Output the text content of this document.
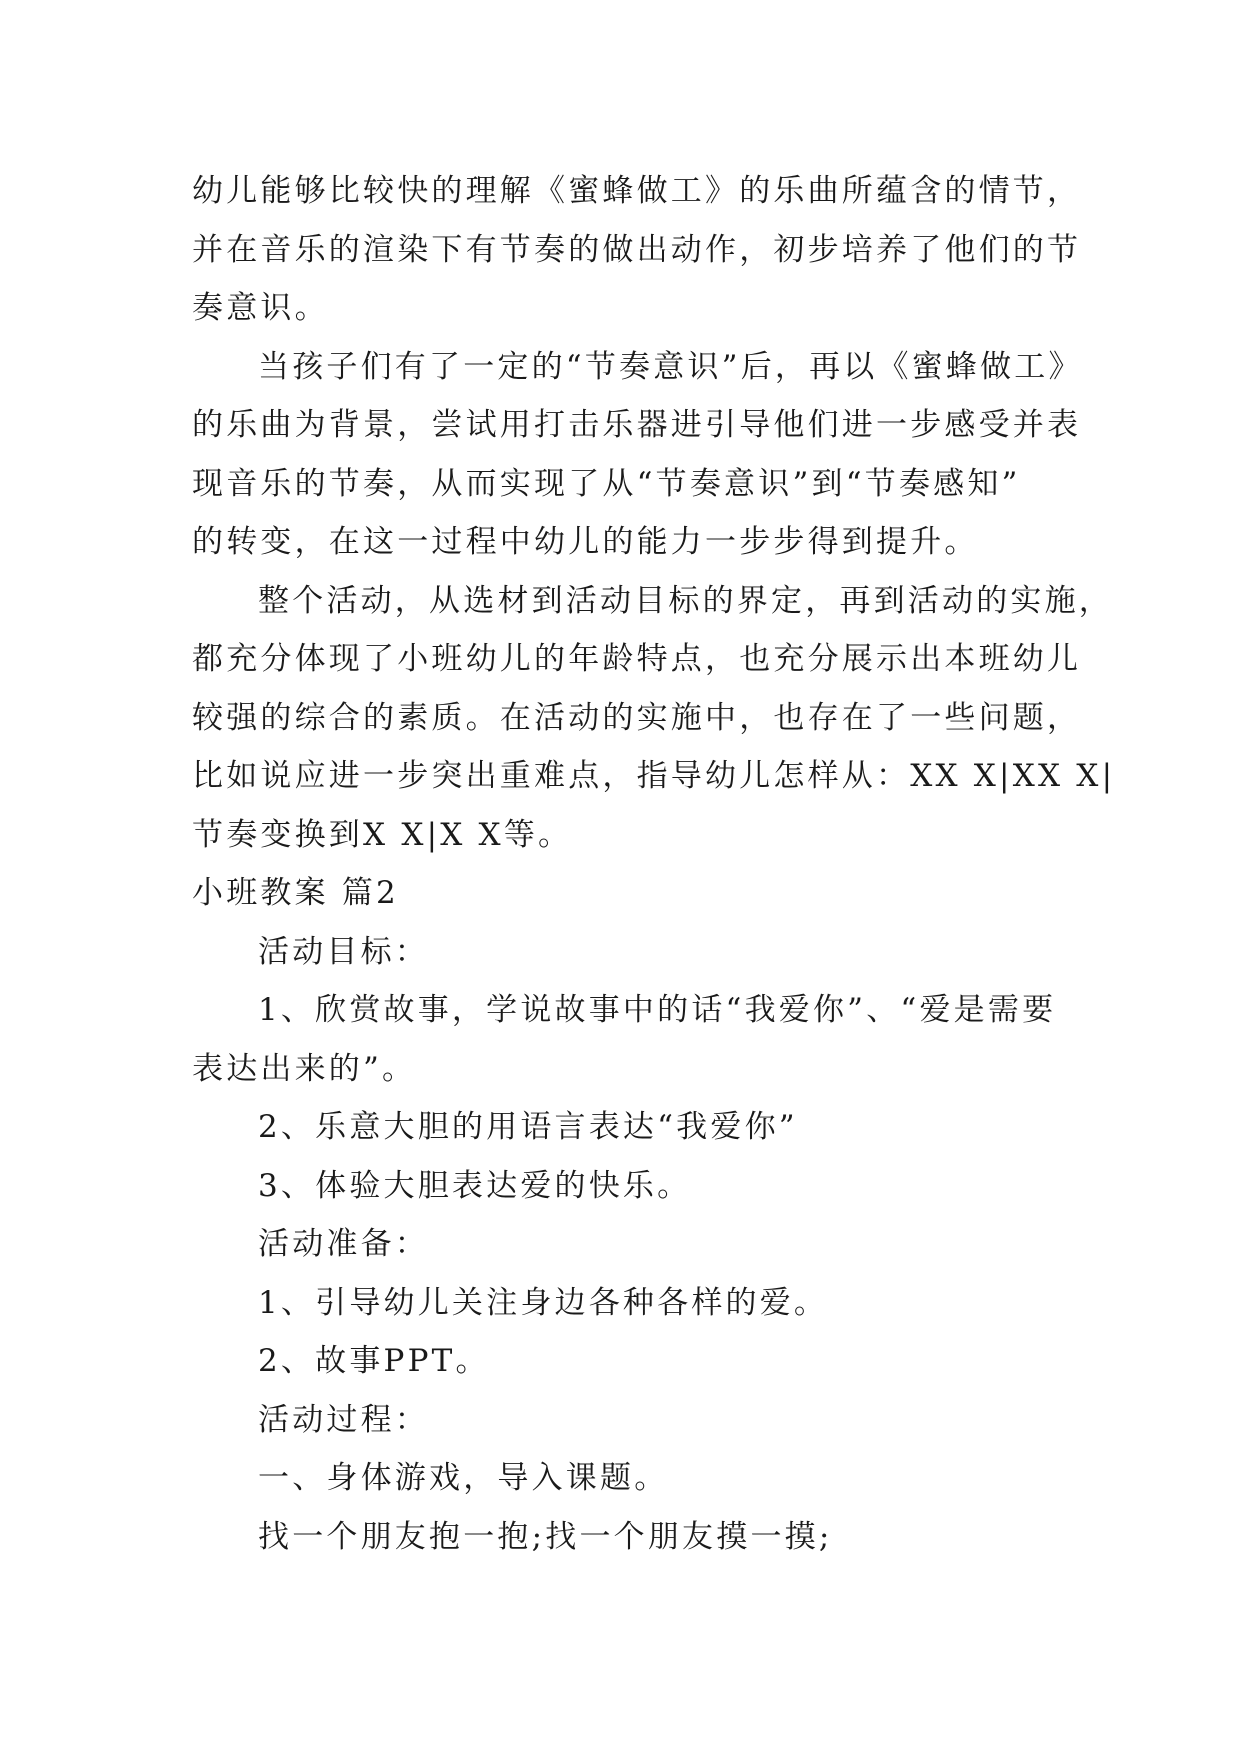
幼儿能够比较快的理解《蜜蜂做工》的乐曲所蕴含的情节，
并在音乐的渲染下有节奏的做出动作，初步培养了他们的节
奏意识。
当孩子们有了一定的“节奏意识”后，再以《蜜蜂做工》
的乐曲为背景，尝试用打击乐器进引导他们进一步感受并表
现音乐的节奏，从而实现了从“节奏意识”到“节奏感知”
的转变，在这一过程中幼儿的能力一步步得到提升。
整个活动，从选材到活动目标的界定，再到活动的实施，
都充分体现了小班幼儿的年龄特点，也充分展示出本班幼儿
较强的综合的素质。在活动的实施中，也存在了一些问题，
比如说应进一步突出重难点，指导幼儿怎样从：XX X|XX X|
节奏变换到X X|X X等。
小班教案 篇2
活动目标：
1、欣赏故事，学说故事中的话“我爱你”、“爱是需要
表达出来的”。
2、乐意大胆的用语言表达“我爱你”
3、体验大胆表达爱的快乐。
活动准备：
1、引导幼儿关注身边各种各样的爱。
2、故事PPT。
活动过程：
一、身体游戏，导入课题。
找一个朋友抱一抱;找一个朋友摸一摸;
